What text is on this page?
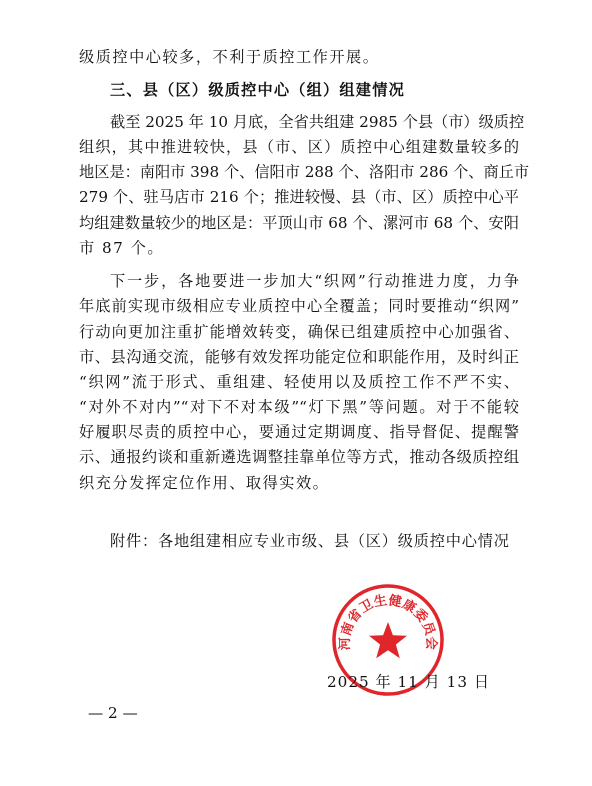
级质控中心较多，不利于质控工作开展。
三、县（区）级质控中心（组）组建情况
截至 2025 年 10 月底，全省共组建 2985 个县（市）级质控
组织，其中推进较快，县（市、区）质控中心组建数量较多的
地区是：南阳市 398 个、信阳市 288 个、洛阳市 286 个、商丘市
279 个、驻马店市 216 个；推进较慢、县（市、区）质控中心平
均组建数量较少的地区是：平顶山市 68 个、漯河市 68 个、安阳
市 87 个。
下一步，各地要进一步加大“织网”行动推进力度，力争
年底前实现市级相应专业质控中心全覆盖；同时要推动“织网”
行动向更加注重扩能增效转变，确保已组建质控中心加强省、
市、县沟通交流，能够有效发挥功能定位和职能作用，及时纠正
“织网”流于形式、重组建、轻使用以及质控工作不严不实、
“对外不对内”“对下不对本级”“灯下黑”等问题。对于不能较
好履职尽责的质控中心，要通过定期调度、指导督促、提醒警
示、通报约谈和重新遴选调整挂靠单位等方式，推动各级质控组
织充分发挥定位作用、取得实效。
附件：各地组建相应专业市级、县（区）级质控中心情况
河南省卫生健康委员会
2025 年 11 月 13 日
— 2 —
